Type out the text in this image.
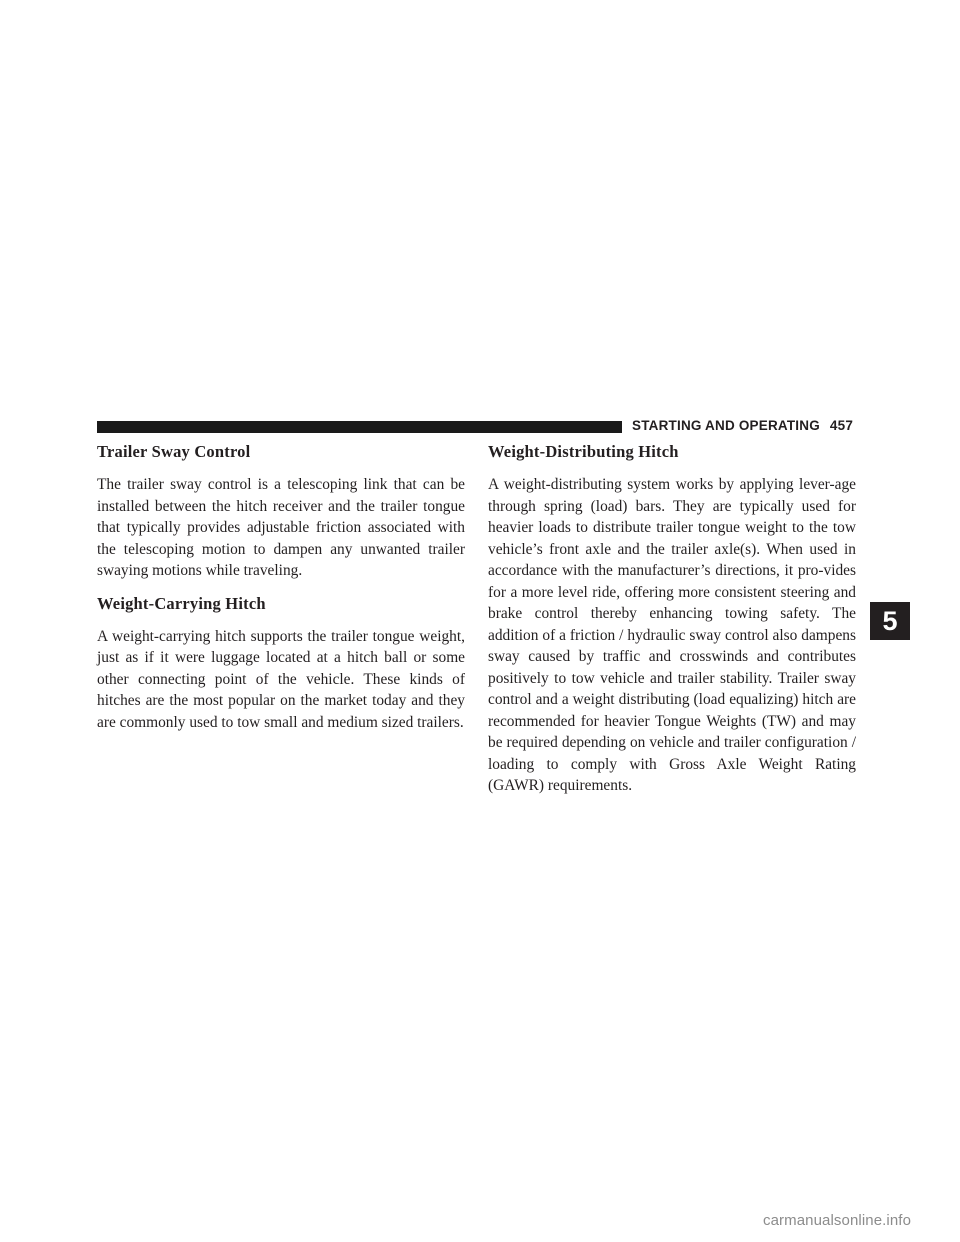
STARTING AND OPERATING 457
Trailer Sway Control

The trailer sway control is a telescoping link that can be installed between the hitch receiver and the trailer tongue that typically provides adjustable friction associated with the telescoping motion to dampen any unwanted trailer swaying motions while traveling.

Weight-Carrying Hitch

A weight-carrying hitch supports the trailer tongue weight, just as if it were luggage located at a hitch ball or some other connecting point of the vehicle. These kinds of hitches are the most popular on the market today and they are commonly used to tow small and medium sized trailers.

Weight-Distributing Hitch

A weight-distributing system works by applying lever-age through spring (load) bars. They are typically used for heavier loads to distribute trailer tongue weight to the tow vehicle’s front axle and the trailer axle(s). When used in accordance with the manufacturer’s directions, it pro-vides for a more level ride, offering more consistent steering and brake control thereby enhancing towing safety. The addition of a friction / hydraulic sway control also dampens sway caused by traffic and crosswinds and contributes positively to tow vehicle and trailer stability. Trailer sway control and a weight distributing (load equalizing) hitch are recommended for heavier Tongue Weights (TW) and may be required depending on vehicle and trailer configuration / loading to comply with Gross Axle Weight Rating (GAWR) requirements.

5
carmanualsonline.info
